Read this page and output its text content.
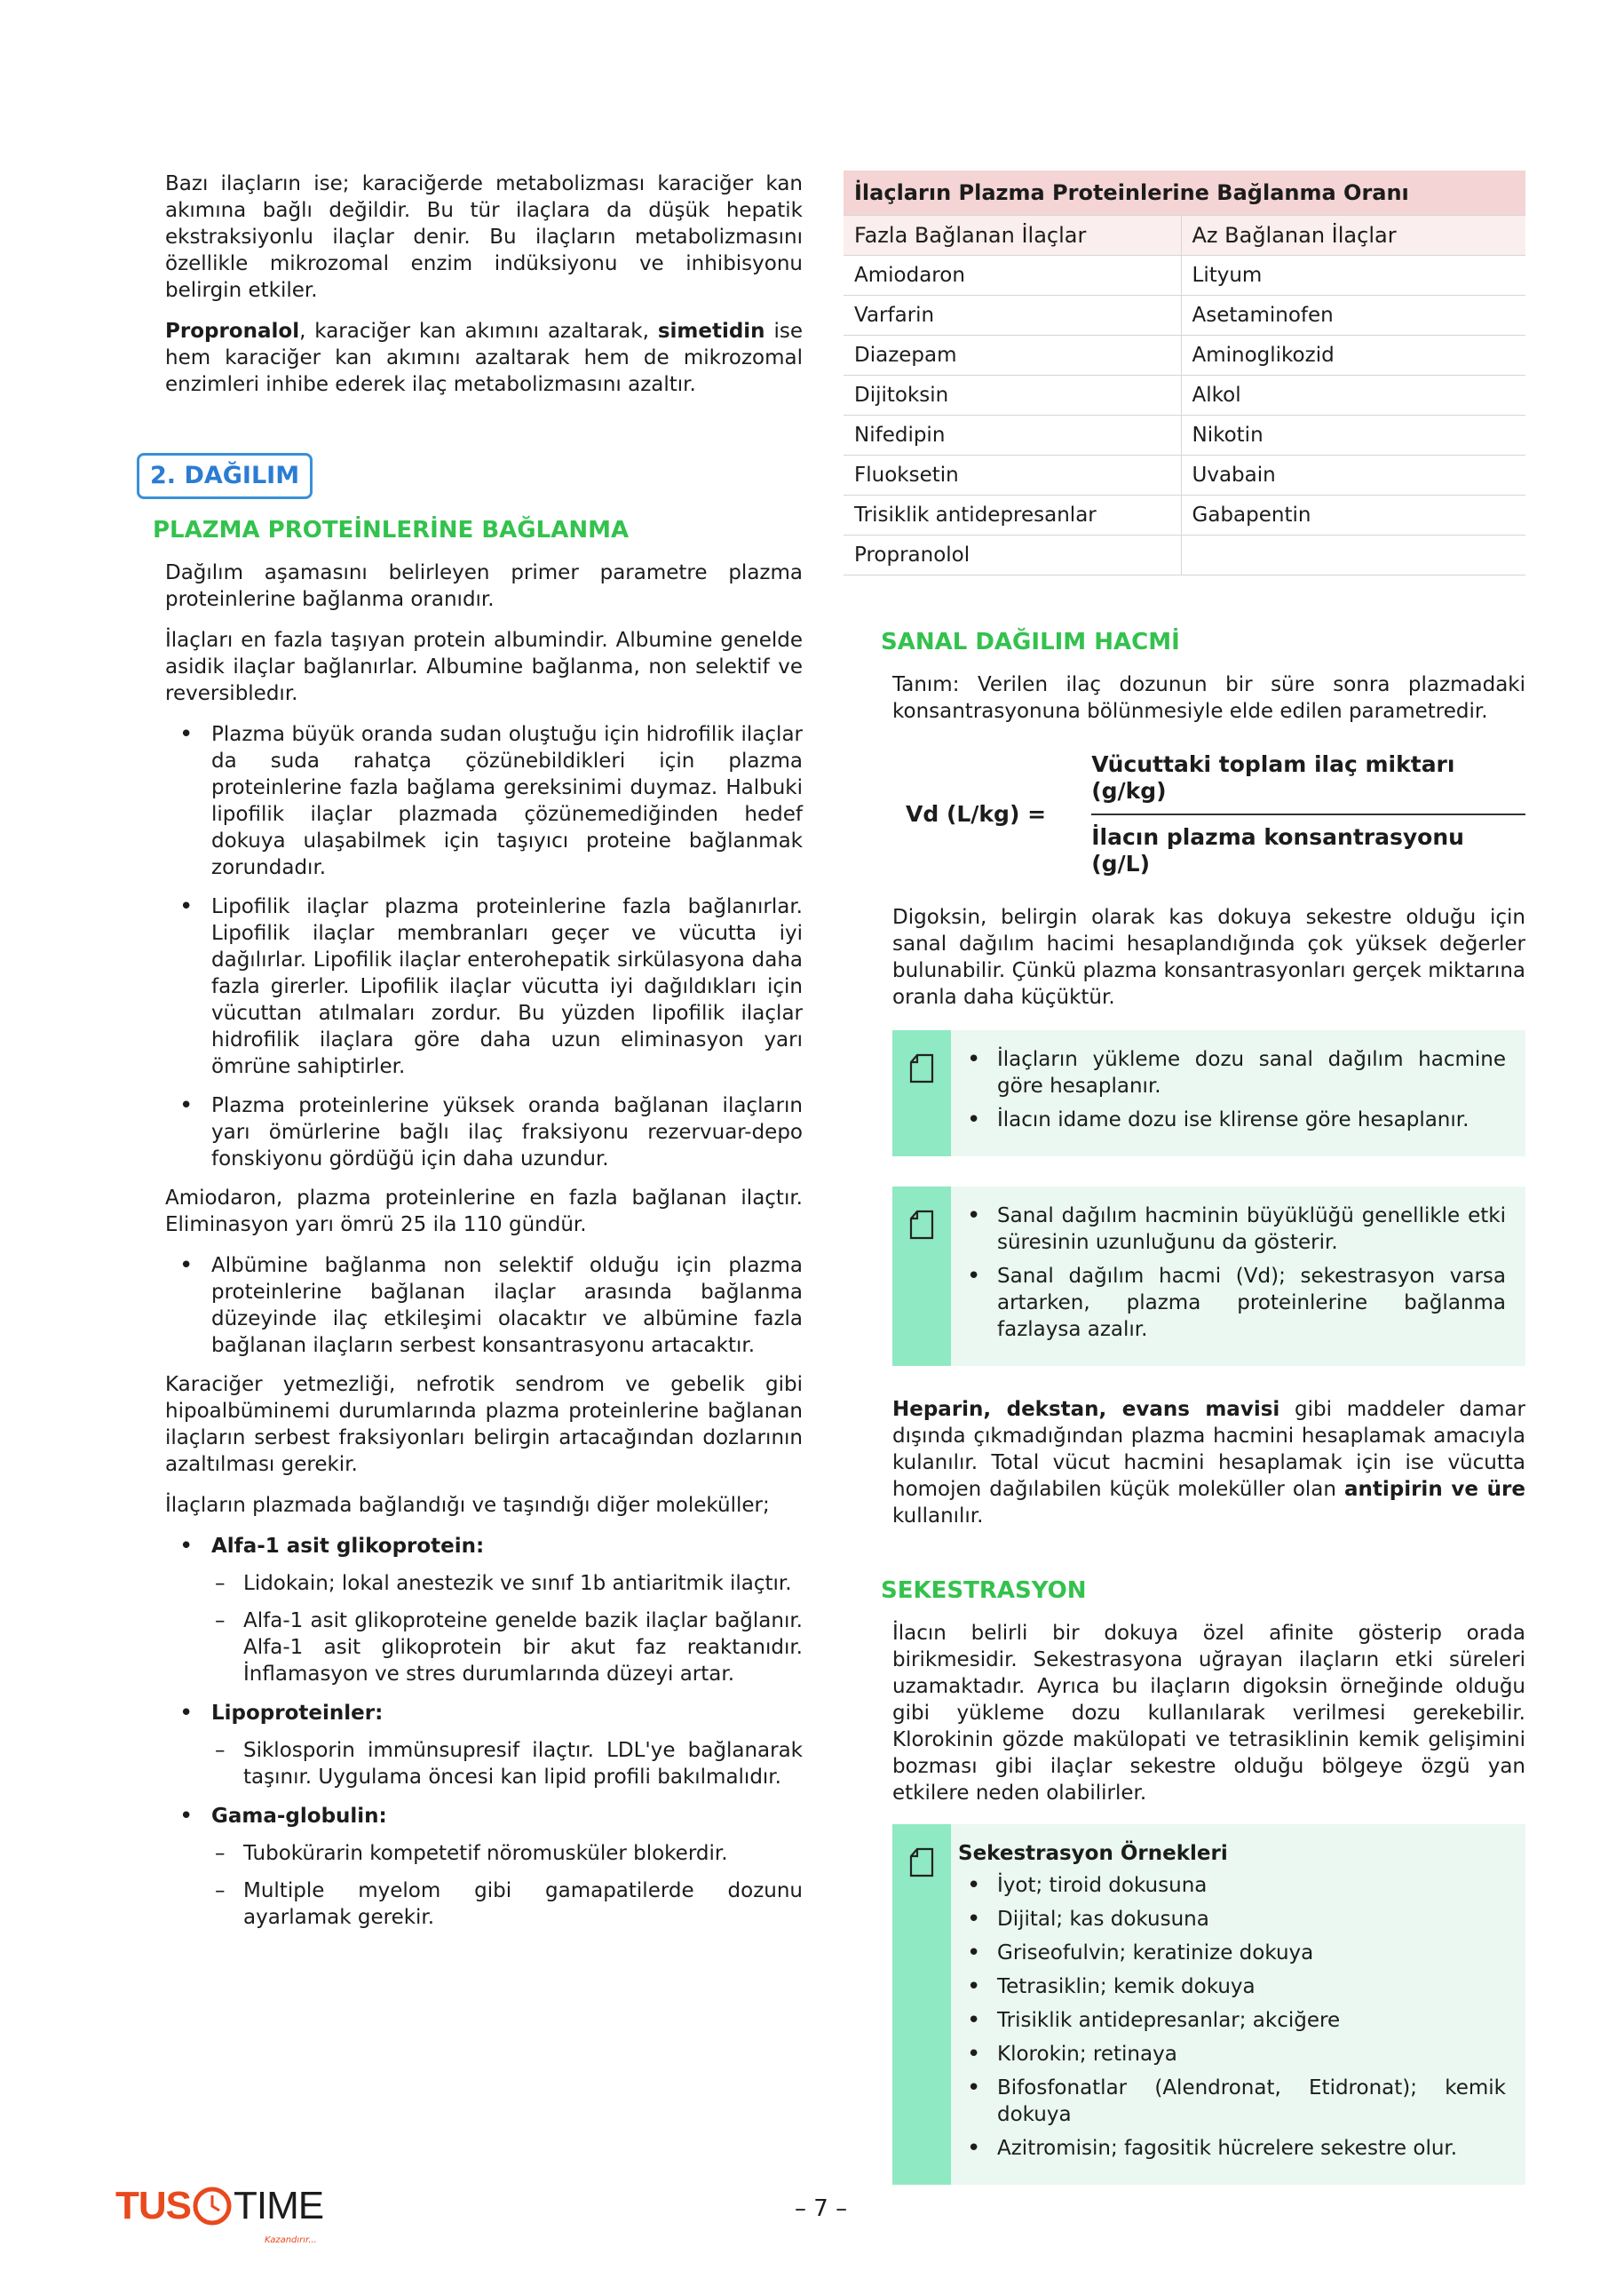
Bazı ilaçların ise; karaciğerde metabolizması karaciğer kan akımına bağlı değildir. Bu tür ilaçlara da düşük hepatik ekstraksiyonlu ilaçlar denir. Bu ilaçların metabolizmasını özellikle mikrozomal enzim indüksiyonu ve inhibisyonu belirgin etkiler.

Propronalol, karaciğer kan akımını azaltarak, simetidin ise hem karaciğer kan akımını azaltarak hem de mikrozomal enzimleri inhibe ederek ilaç metabolizmasını azaltır.

2. DAĞILIM
PLAZMA PROTEİNLERİNE BAĞLANMA

Dağılım aşamasını belirleyen primer parametre plazma proteinlerine bağlanma oranıdır.

İlaçları en fazla taşıyan protein albumindir. Albumine genelde asidik ilaçlar bağlanırlar. Albumine bağlanma, non selektif ve reversibledır.

• Plazma büyük oranda sudan oluştuğu için hidrofilik ilaçlar da suda rahatça çözünebildikleri için plazma proteinlerine fazla bağlama gereksinimi duymaz. Halbuki lipofilik ilaçlar plazmada çözünemediğinden hedef dokuya ulaşabilmek için taşıyıcı proteine bağlanmak zorundadır.
• Lipofilik ilaçlar plazma proteinlerine fazla bağlanırlar. Lipofilik ilaçlar membranları geçer ve vücutta iyi dağılırlar. Lipofilik ilaçlar enterohepatik sirkülasyona daha fazla girerler. Lipofilik ilaçlar vücutta iyi dağıldıkları için vücuttan atılmaları zordur. Bu yüzden lipofilik ilaçlar hidrofilik ilaçlara göre daha uzun eliminasyon yarı ömrüne sahiptirler.
• Plazma proteinlerine yüksek oranda bağlanan ilaçların yarı ömürlerine bağlı ilaç fraksiyonu rezervuar-depo fonskiyonu gördüğü için daha uzundur.

Amiodaron, plazma proteinlerine en fazla bağlanan ilaçtır. Eliminasyon yarı ömrü 25 ila 110 gündür.

• Albümine bağlanma non selektif olduğu için plazma proteinlerine bağlanan ilaçlar arasında bağlanma düzeyinde ilaç etkileşimi olacaktır ve albümine fazla bağlanan ilaçların serbest konsantrasyonu artacaktır.

Karaciğer yetmezliği, nefrotik sendrom ve gebelik gibi hipoalbüminemi durumlarında plazma proteinlerine bağlanan ilaçların serbest fraksiyonları belirgin artacağından dozlarının azaltılması gerekir.

İlaçların plazmada bağlandığı ve taşındığı diğer moleküller;

• Alfa-1 asit glikoprotein:
– Lidokain; lokal anestezik ve sınıf 1b antiaritmik ilaçtır.
– Alfa-1 asit glikoproteine genelde bazik ilaçlar bağlanır. Alfa-1 asit glikoprotein bir akut faz reaktanıdır. İnflamasyon ve stres durumlarında düzeyi artar.
• Lipoproteinler:
– Siklosporin immünsupresif ilaçtır. LDL'ye bağlanarak taşınır. Uygulama öncesi kan lipid profili bakılmalıdır.
• Gama-globulin:
– Tubokürarin kompetetif nöromusküler blokerdir.
– Multiple myelom gibi gamapatilerde dozunu ayarlamak gerekir.
İlaçların Plazma Proteinlerine Bağlanma Oranı	
Fazla Bağlanan İlaçlar	Az Bağlanan İlaçlar
Amiodaron	Lityum
Varfarin	Asetaminofen
Diazepam	Aminoglikozid
Dijitoksin	Alkol
Nifedipin	Nikotin
Fluoksetin	Uvabain
Trisiklik antidepresanlar	Gabapentin
Propranolol	
SANAL DAĞILIM HACMİ

Tanım: Verilen ilaç dozunun bir süre sonra plazmadaki konsantrasyonuna bölünmesiyle elde edilen parametredir.

Vd (L/kg) =	$\frac{\text{Vücuttaki toplam ilaç miktarı (g/kg)}}{\text{İlacın plazma konsantrasyonu (g/L)}}$

Digoksin, belirgin olarak kas dokuya sekestre olduğu için sanal dağılım hacimi hesaplandığında çok yüksek değerler bulunabilir. Çünkü plazma konsantrasyonları gerçek miktarına oranla daha küçüktür.

• İlaçların yükleme dozu sanal dağılım hacmine göre hesaplanır.
• İlacın idame dozu ise klirense göre hesaplanır.
• Sanal dağılım hacminin büyüklüğü genellikle etki süresinin uzunluğunu da gösterir.
• Sanal dağılım hacmi (Vd); sekestrasyon varsa artarken, plazma proteinlerine bağlanma fazlaysa azalır.

Heparin, dekstan, evans mavisi gibi maddeler damar dışında çıkmadığından plazma hacmini hesaplamak amacıyla kulanılır. Total vücut hacmini hesaplamak için ise vücutta homojen dağılabilen küçük moleküller olan antipirin ve üre kullanılır.

SEKESTRASYON

İlacın belirli bir dokuya özel afinite gösterip orada birikmesidir. Sekestrasyona uğrayan ilaçların etki süreleri uzamaktadır. Ayrıca bu ilaçların digoksin örneğinde olduğu gibi yükleme dozu kullanılarak verilmesi gerekebilir. Klorokinin gözde makülopati ve tetrasiklinin kemik gelişimini bozması gibi ilaçlar sekestre olduğu bölgeye özgü yan etkilere neden olabilirler.

Sekestrasyon Örnekleri
• İyot; tiroid dokusuna
• Dijital; kas dokusuna
• Griseofulvin; keratinize dokuya
• Tetrasiklin; kemik dokuya
• Trisiklik antidepresanlar; akciğere
• Klorokin; retinaya
• Bifosfonatlar (Alendronat, Etidronat); kemik dokuya
• Azitromisin; fagositik hücrelere sekestre olur.
TUS TIME
Kazandırır...
– 7 –
